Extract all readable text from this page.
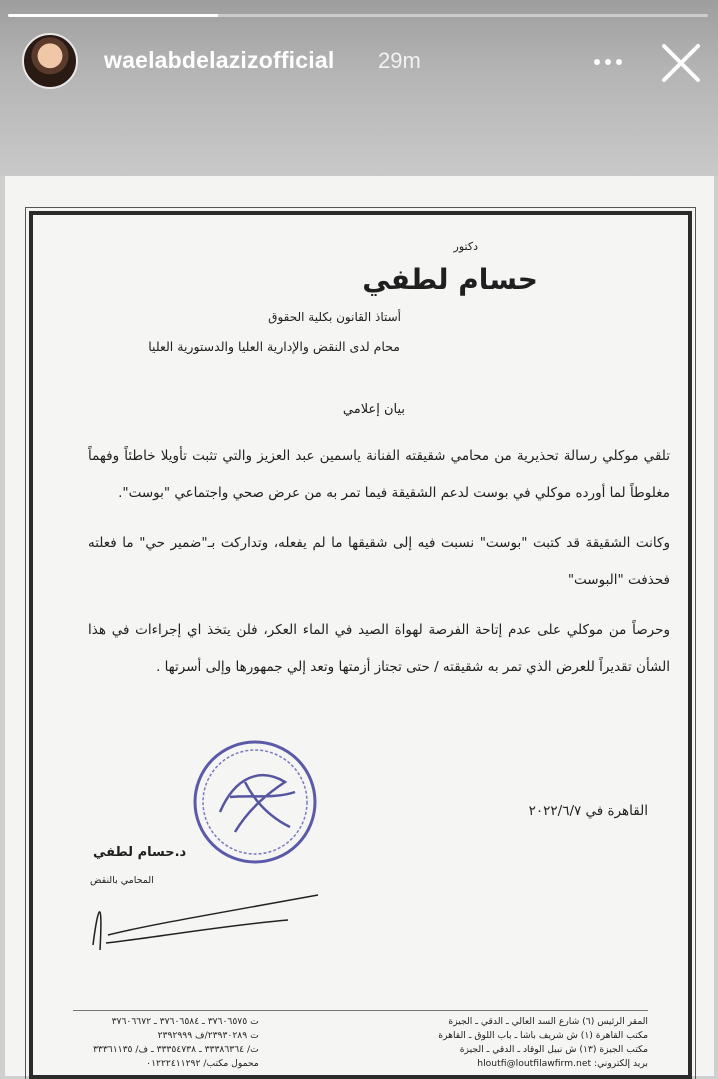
waelabdelazizofficial 29m
دكتور
حسام لطفي
أستاذ القانون بكلية الحقوق
محام لدى النقض والإدارية العليا والدستورية العليا
بيان إعلامي

تلقي موكلي رسالة تحذيرية من محامي شقيقته الفنانة ياسمين عبد العزيز والتي تثبت تأويلا خاطئاً وفهماً مغلوطاً لما أورده موكلي في بوست لدعم الشقيقة فيما تمر به من عرض صحي واجتماعي "بوست".

وكانت الشقيقة قد كتبت "بوست" نسبت فيه إلى شقيقها ما لم يفعله، وتداركت بـ"ضمير حي" ما فعلته فحذفت "البوست"

وحرصاً من موكلي على عدم إتاحة الفرصة لهواة الصيد في الماء العكر، فلن يتخذ اي إجراءات في هذا الشأن تقديراً للعرض الذي تمر به شقيقته / حتى تجتاز أزمتها وتعد إلي جمهورها وإلى أسرتها .

القاهرة في ٢٠٢٢/٦/٧
د.حسام لطفي
المحامي بالنقض
ت ٣٧٦٠٦٥٧٥ ـ ٣٧٦٠٦٥٨٤ ـ ٣٧٦٠٦٦٧٢
ت ٢٣٩٣٠٢٨٩/ف ٢٣٩٢٩٩٩
ت/ ٣٣٣٨٦٣٦٤ ـ ٣٣٣٥٤٧٣٨ ـ ف/ ٣٣٣٦١١٣٥
محمول مكتب/ ٠١٢٢٢٤١١٢٩٢
المقر الرئيس (٦) شارع السد العالي ـ الدقي ـ الجيزة
مكتب القاهرة (١) ش شريف باشا ـ باب اللوق ـ القاهرة
مكتب الجيزة (١٣) ش نبيل الوقاد ـ الدقي ـ الجيزة
بريد إلكتروني: hloutfi@loutfilawfirm.net
